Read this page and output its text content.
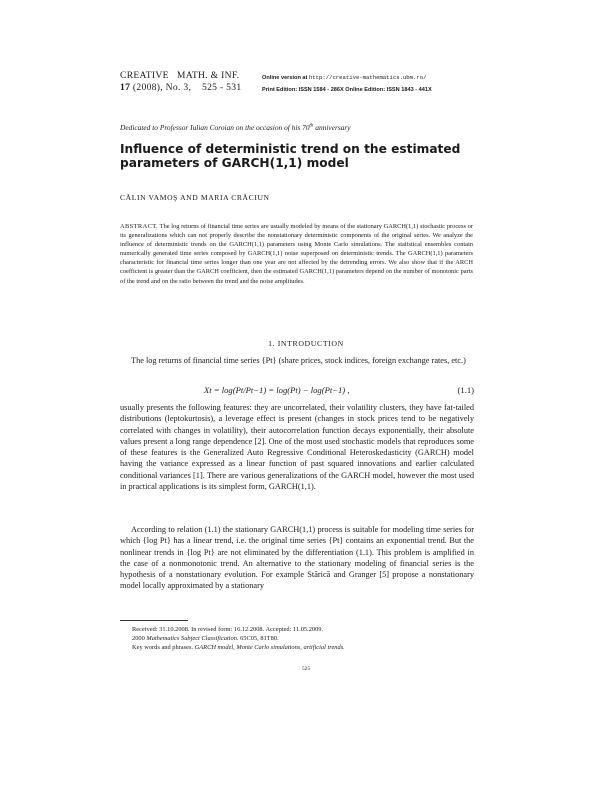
CREATIVE   MATH. & INF.
17 (2008), No. 3,    525 - 531
Online version at http://creative-mathematics.ubm.ro/
Print Edition: ISSN 1584 - 286X Online Edition: ISSN 1843 - 441X
Dedicated to Professor Iulian Coroian on the occasion of his 70th anniversary
Influence of deterministic trend on the estimated parameters of GARCH(1,1) model
CĂLIN VAMOŞ AND MARIA CRĂCIUN
ABSTRACT. The log returns of financial time series are usually modeled by means of the stationary GARCH(1,1) stochastic process or its generalizations which can not properly describe the nonstationary deterministic components of the original series. We analyze the influence of deterministic trends on the GARCH(1,1) parameters using Monte Carlo simulations. The statistical ensembles contain numerically generated time series composed by GARCH(1,1) noise superposed on deterministic trends. The GARCH(1,1) parameters characteristic for financial time series longer than one year are not affected by the detrending errors. We also show that if the ARCH coefficient is greater than the GARCH coefficient, then the estimated GARCH(1,1) parameters depend on the number of monotonic parts of the trend and on the ratio between the trend and the noise amplitudes.
1. INTRODUCTION
The log returns of financial time series {Pt} (share prices, stock indices, foreign exchange rates, etc.)
Xt = log(Pt/Pt−1) = log(Pt) − log(Pt−1) ,	(1.1)
usually presents the following features: they are uncorrelated, their volatility clusters, they have fat-tailed distributions (leptokurtosis), a leverage effect is present (changes in stock prices tend to be negatively correlated with changes in volatility), their autocorrelation function decays exponentially, their absolute values present a long range dependence [2]. One of the most used stochastic models that reproduces some of these features is the Generalized Auto Regressive Conditional Heteroskedasticity (GARCH) model having the variance expressed as a linear function of past squared innovations and earlier calculated conditional variances [1]. There are various generalizations of the GARCH model, however the most used in practical applications is its simplest form, GARCH(1,1).
According to relation (1.1) the stationary GARCH(1,1) process is suitable for modeling time series for which {log Pt} has a linear trend, i.e. the original time series {Pt} contains an exponential trend. But the nonlinear trends in {log Pt} are not eliminated by the differentiation (1.1). This problem is amplified in the case of a nonmonotonic trend. An alternative to the stationary modeling of financial series is the hypothesis of a nonstationary evolution. For example Stărică and Granger [5] propose a nonstationary model locally approximated by a stationary
Received: 31.10.2008. In revised form: 16.12.2008. Accepted: 11.05.2009.
2000 Mathematics Subject Classification. 65C05, 81T80.
Key words and phrases. GARCH model, Monte Carlo simulations, artificial trends.
525
